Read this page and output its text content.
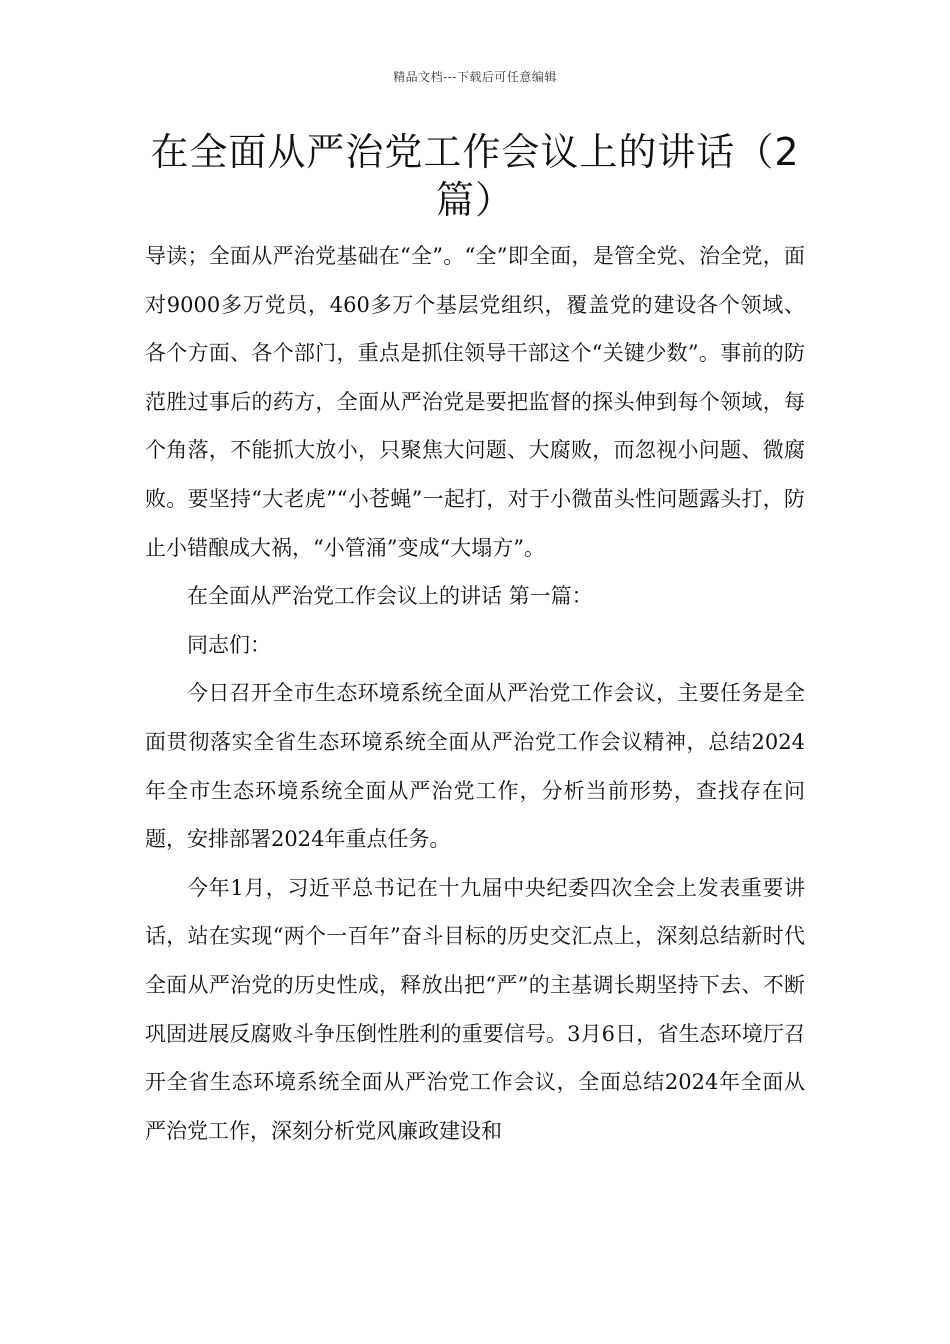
精品文档---下载后可任意编辑
在全面从严治党工作会议上的讲话（2篇）

导读；全面从严治党基础在“全”。“全”即全面，是管全党、治全党，面对9000多万党员，460多万个基层党组织，覆盖党的建设各个领域、各个方面、各个部门，重点是抓住领导干部这个“关键少数”。事前的防范胜过事后的药方，全面从严治党是要把监督的探头伸到每个领域，每个角落，不能抓大放小，只聚焦大问题、大腐败，而忽视小问题、微腐败。要坚持“大老虎”“小苍蝇”一起打，对于小微苗头性问题露头打，防止小错酿成大祸，“小管涌”变成“大塌方”。

在全面从严治党工作会议上的讲话 第一篇：

同志们：

今日召开全市生态环境系统全面从严治党工作会议，主要任务是全面贯彻落实全省生态环境系统全面从严治党工作会议精神，总结2024年全市生态环境系统全面从严治党工作，分析当前形势，查找存在问题，安排部署2024年重点任务。

今年1月，习近平总书记在十九届中央纪委四次全会上发表重要讲话，站在实现“两个一百年”奋斗目标的历史交汇点上，深刻总结新时代全面从严治党的历史性成，释放出把“严”的主基调长期坚持下去、不断巩固进展反腐败斗争压倒性胜利的重要信号。3月6日，省生态环境厅召开全省生态环境系统全面从严治党工作会议，全面总结2024年全面从严治党工作，深刻分析党风廉政建设和
